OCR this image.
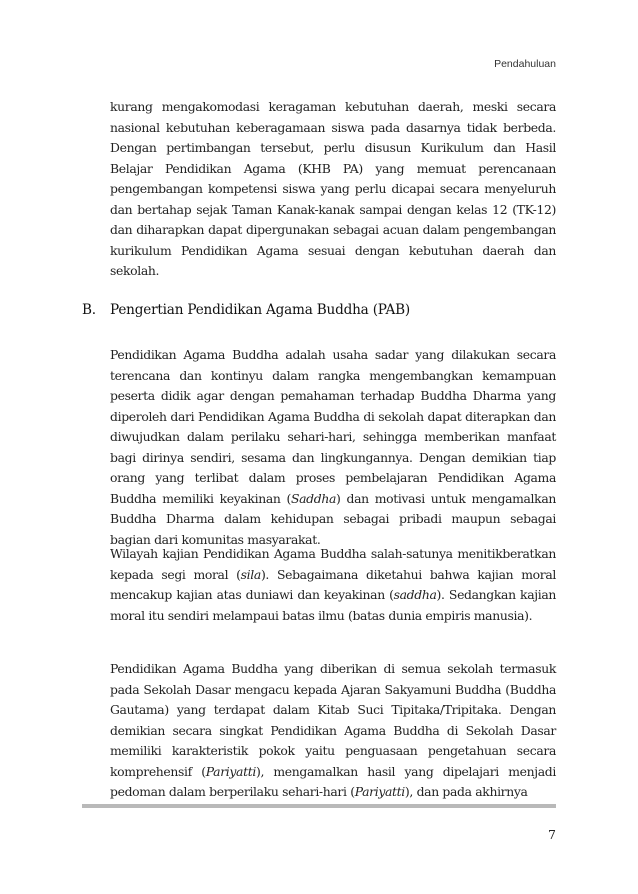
Pendahuluan

kurang mengakomodasi keragaman kebutuhan daerah, meski secara nasional kebutuhan keberagamaan siswa pada dasarnya tidak berbeda. Dengan pertimbangan tersebut, perlu disusun Kurikulum dan Hasil Belajar Pendidikan Agama (KHB PA) yang memuat perencanaan pengembangan kompetensi siswa yang perlu dicapai secara menyeluruh dan bertahap sejak Taman Kanak-kanak sampai dengan kelas 12 (TK-12) dan diharapkan dapat dipergunakan sebagai acuan dalam pengembangan kurikulum Pendidikan Agama sesuai dengan kebutuhan daerah dan sekolah.

B. Pengertian Pendidikan Agama Buddha (PAB)

Pendidikan Agama Buddha adalah usaha sadar yang dilakukan secara terencana dan kontinyu dalam rangka mengembangkan kemampuan peserta didik agar dengan pemahaman terhadap Buddha Dharma yang diperoleh dari Pendidikan Agama Buddha di sekolah dapat diterapkan dan diwujudkan dalam perilaku sehari-hari, sehingga memberikan manfaat bagi dirinya sendiri, sesama dan lingkungannya. Dengan demikian tiap orang yang terlibat dalam proses pembelajaran Pendidikan Agama Buddha memiliki keyakinan (Saddha) dan motivasi untuk mengamalkan Buddha Dharma dalam kehidupan sebagai pribadi maupun sebagai bagian dari komunitas masyarakat.

Wilayah kajian Pendidikan Agama Buddha salah-satunya menitikberatkan kepada segi moral (sila). Sebagaimana diketahui bahwa kajian moral mencakup kajian atas duniawi dan keyakinan (saddha). Sedangkan kajian moral itu sendiri melampaui batas ilmu (batas dunia empiris manusia).

Pendidikan Agama Buddha yang diberikan di semua sekolah termasuk pada Sekolah Dasar mengacu kepada Ajaran Sakyamuni Buddha (Buddha Gautama) yang terdapat dalam Kitab Suci Tipitaka/Tripitaka. Dengan demikian secara singkat Pendidikan Agama Buddha di Sekolah Dasar memiliki karakteristik pokok yaitu penguasaan pengetahuan secara komprehensif (Pariyatti), mengamalkan hasil yang dipelajari menjadi pedoman dalam berperilaku sehari-hari (Pariyatti), dan pada akhirnya

7
